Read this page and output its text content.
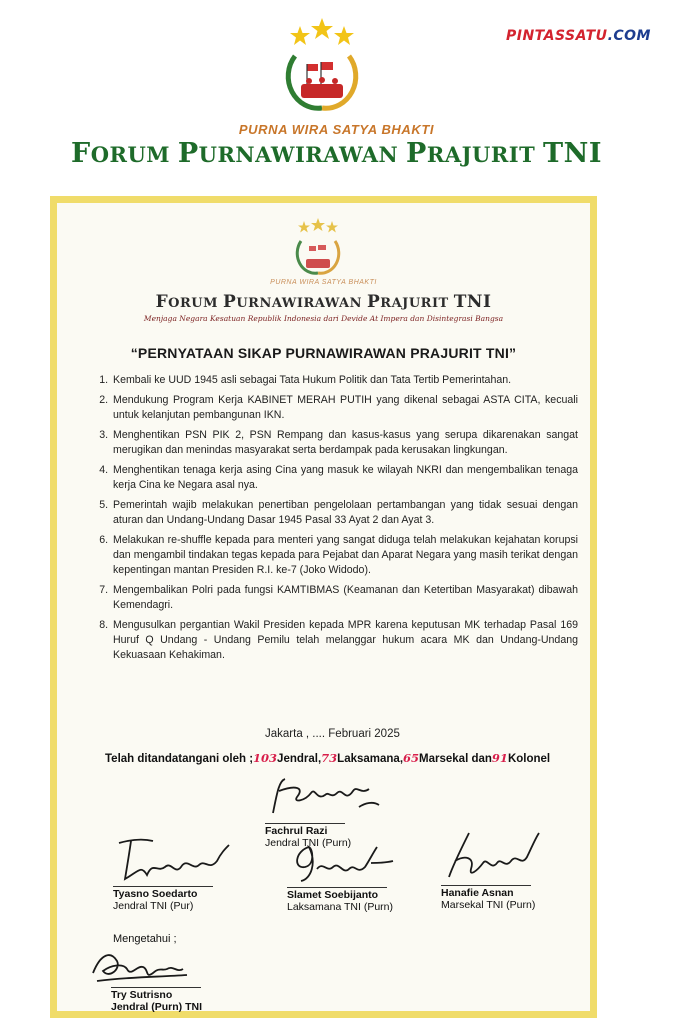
PINTASSATU.COM
PURNA WIRA SATYA BHAKTI
FORUM PURNAWIRAWAN PRAJURIT TNI
PURNA WIRA SATYA BHAKTI
FORUM PURNAWIRAWAN PRAJURIT TNI
Menjaga Negara Kesatuan Republik Indonesia dari Devide At Impera dan Disintegrasi Bangsa
“PERNYATAAN SIKAP PURNAWIRAWAN PRAJURIT TNI”
1. Kembali ke UUD 1945 asli sebagai Tata Hukum Politik dan Tata Tertib Pemerintahan.
2. Mendukung Program Kerja KABINET MERAH PUTIH yang dikenal sebagai ASTA CITA, kecuali untuk kelanjutan pembangunan IKN.
3. Menghentikan PSN PIK 2, PSN Rempang dan kasus-kasus yang serupa dikarenakan sangat merugikan dan menindas masyarakat serta berdampak pada kerusakan lingkungan.
4. Menghentikan tenaga kerja asing Cina yang masuk ke wilayah NKRI dan mengembalikan tenaga kerja Cina ke Negara asal nya.
5. Pemerintah wajib melakukan penertiban pengelolaan pertambangan yang tidak sesuai dengan aturan dan Undang-Undang Dasar 1945 Pasal 33 Ayat 2 dan Ayat 3.
6. Melakukan re-shuffle kepada para menteri yang sangat diduga telah melakukan kejahatan korupsi dan mengambil tindakan tegas kepada para Pejabat dan Aparat Negara yang masih terikat dengan kepentingan mantan Presiden R.I. ke-7 (Joko Widodo).
7. Mengembalikan Polri pada fungsi KAMTIBMAS (Keamanan dan Ketertiban Masyarakat) dibawah Kemendagri.
8. Mengusulkan pergantian Wakil Presiden kepada MPR karena keputusan MK terhadap Pasal 169 Huruf Q Undang - Undang Pemilu telah melanggar hukum acara MK dan Undang-Undang Kekuasaan Kehakiman.
Jakarta , .... Februari 2025
Telah ditandatangani oleh ;103Jendral,73Laksamana,65Marsekal dan91Kolonel
Fachrul Razi
Jendral TNI (Purn)
Tyasno Soedarto
Jendral TNI (Pur)
Slamet Soebijanto
Laksamana TNI (Purn)
Hanafie Asnan
Marsekal TNI (Purn)
Mengetahui ;
Try Sutrisno
Jendral (Purn) TNI
